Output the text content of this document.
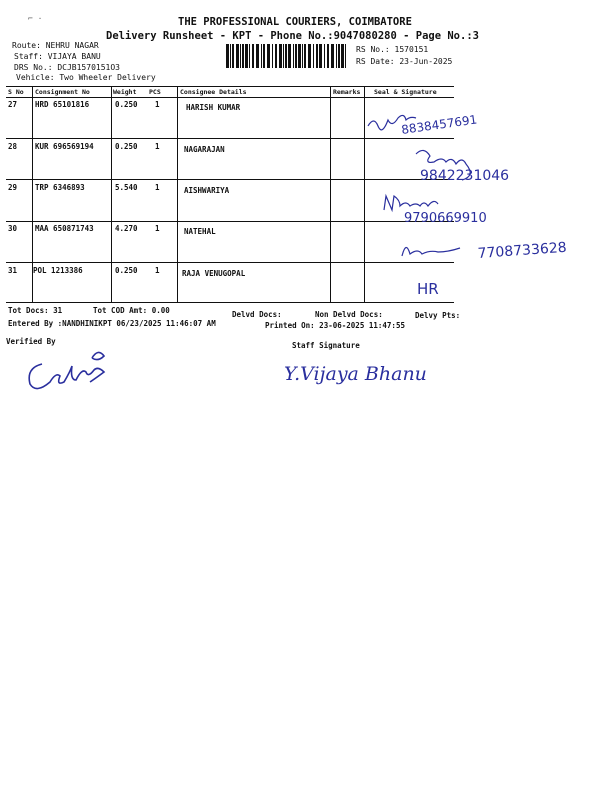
⌐ ·	THE PROFESSIONAL COURIERS, COIMBATORE
Delivery Runsheet - KPT - Phone No.:9047080280 - Page No.:3
Route: NEHRU NAGAR
Staff: VIJAYA BANU
DRS No.: DCJB1570151O3
Vehicle: Two Wheeler Delivery
RS No.: 1570151
RS Date: 23-Jun-2025
S No Consignment No	Weight PCS	Consignee Details	Remarks Seal & Signature
27 HRD 65101816	0.250 1	HARISH KUMAR
28 KUR 696569194	0.250 1	NAGARAJAN
29 TRP 6346893	5.540 1	AISHWARIYA
30 MAA 650871743	4.270 1	NATEHAL
31 POL 1213386	0.250 1	RAJA VENUGOPAL
8838457691
9842231046
9790669910
7708733628
HR
Tot Docs: 31	Tot COD Amt: 0.00	Delvd Docs:	Non Delvd Docs:	Delvy Pts:
Entered By :NANDHINIKPT 06/23/2025 11:46:07 AM	Printed On: 23-06-2025 11:47:55
Verified By	Staff Signature
Y.Vijaya Bhanu
